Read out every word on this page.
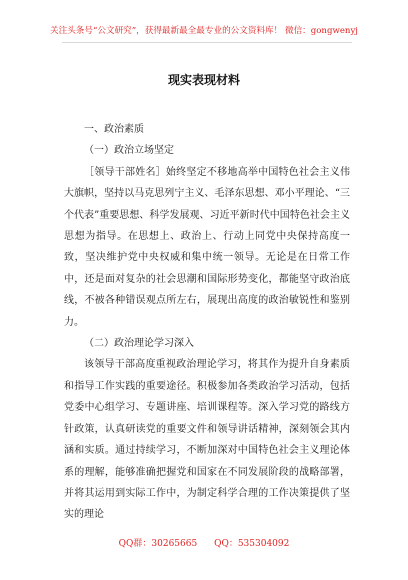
关注头条号“公文研究”，获得最新最全最专业的公文资料库！ 微信：gongwenyj
现实表现材料

一、政治素质

（一）政治立场坚定

［领导干部姓名］始终坚定不移地高举中国特色社会主义伟大旗帜，坚持以马克思列宁主义、毛泽东思想、邓小平理论、“三个代表”重要思想、科学发展观、习近平新时代中国特色社会主义思想为指导。在思想上、政治上、行动上同党中央保持高度一致，坚决维护党中央权威和集中统一领导。无论是在日常工作中，还是面对复杂的社会思潮和国际形势变化，都能坚守政治底线，不被各种错误观点所左右，展现出高度的政治敏锐性和鉴别力。

（二）政治理论学习深入

该领导干部高度重视政治理论学习，将其作为提升自身素质和指导工作实践的重要途径。积极参加各类政治学习活动，包括党委中心组学习、专题讲座、培训课程等。深入学习党的路线方针政策，认真研读党的重要文件和领导讲话精神，深刻领会其内涵和实质。通过持续学习，不断加深对中国特色社会主义理论体系的理解，能够准确把握党和国家在不同发展阶段的战略部署，并将其运用到实际工作中，为制定科学合理的工作决策提供了坚实的理论

QQ群：30265665 QQ：535304092
